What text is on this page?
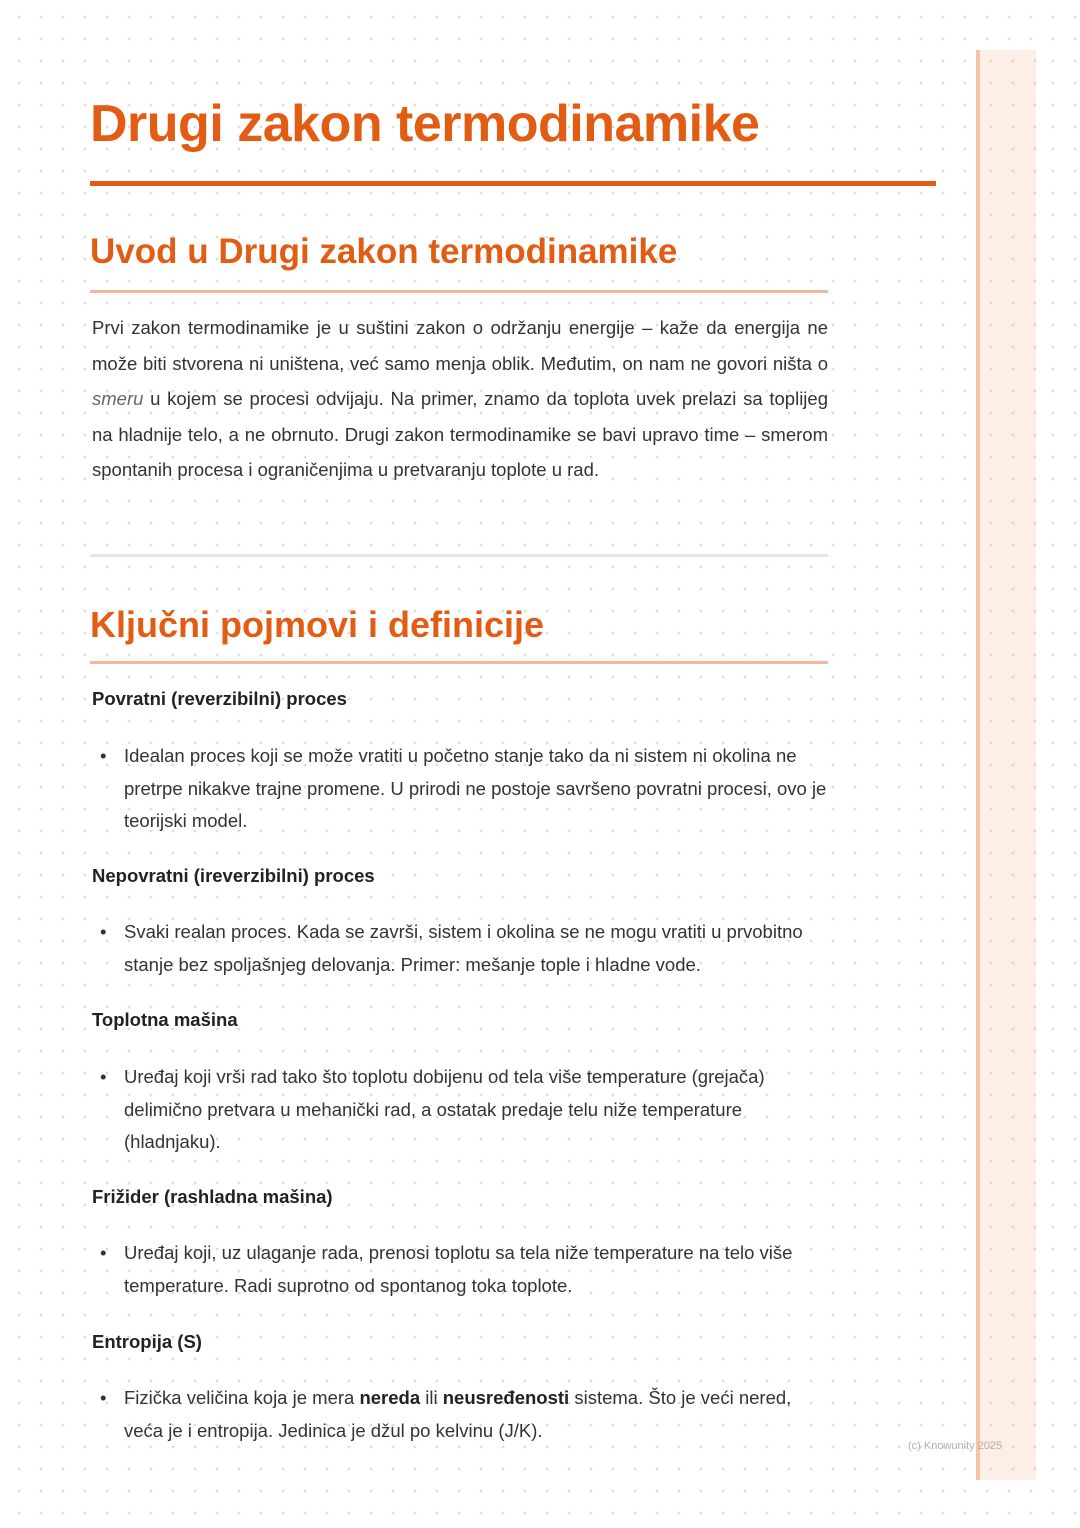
(c) Knowunity 2025
Drugi zakon termodinamike
Uvod u Drugi zakon termodinamike

Prvi zakon termodinamike je u suštini zakon o održanju energije – kaže da energija ne može biti stvorena ni uništena, već samo menja oblik. Međutim, on nam ne govori ništa o smeru u kojem se procesi odvijaju. Na primer, znamo da toplota uvek prelazi sa toplijeg na hladnije telo, a ne obrnuto. Drugi zakon termodinamike se bavi upravo time – smerom spontanih procesa i ograničenjima u pretvaranju toplote u rad.

Ključni pojmovi i definicije

Povratni (reverzibilni) proces

• Idealan proces koji se može vratiti u početno stanje tako da ni sistem ni okolina ne pretrpe nikakve trajne promene. U prirodi ne postoje savršeno povratni procesi, ovo je teorijski model.

Nepovratni (ireverzibilni) proces

• Svaki realan proces. Kada se završi, sistem i okolina se ne mogu vratiti u prvobitno stanje bez spoljašnjeg delovanja. Primer: mešanje tople i hladne vode.

Toplotna mašina

• Uređaj koji vrši rad tako što toplotu dobijenu od tela više temperature (grejača) delimično pretvara u mehanički rad, a ostatak predaje telu niže temperature (hladnjaku).

Frižider (rashladna mašina)

• Uređaj koji, uz ulaganje rada, prenosi toplotu sa tela niže temperature na telo više temperature. Radi suprotno od spontanog toka toplote.

Entropija (S)

• Fizička veličina koja je mera nereda ili neusređenosti sistema. Što je veći nered, veća je i entropija. Jedinica je džul po kelvinu (J/K).
